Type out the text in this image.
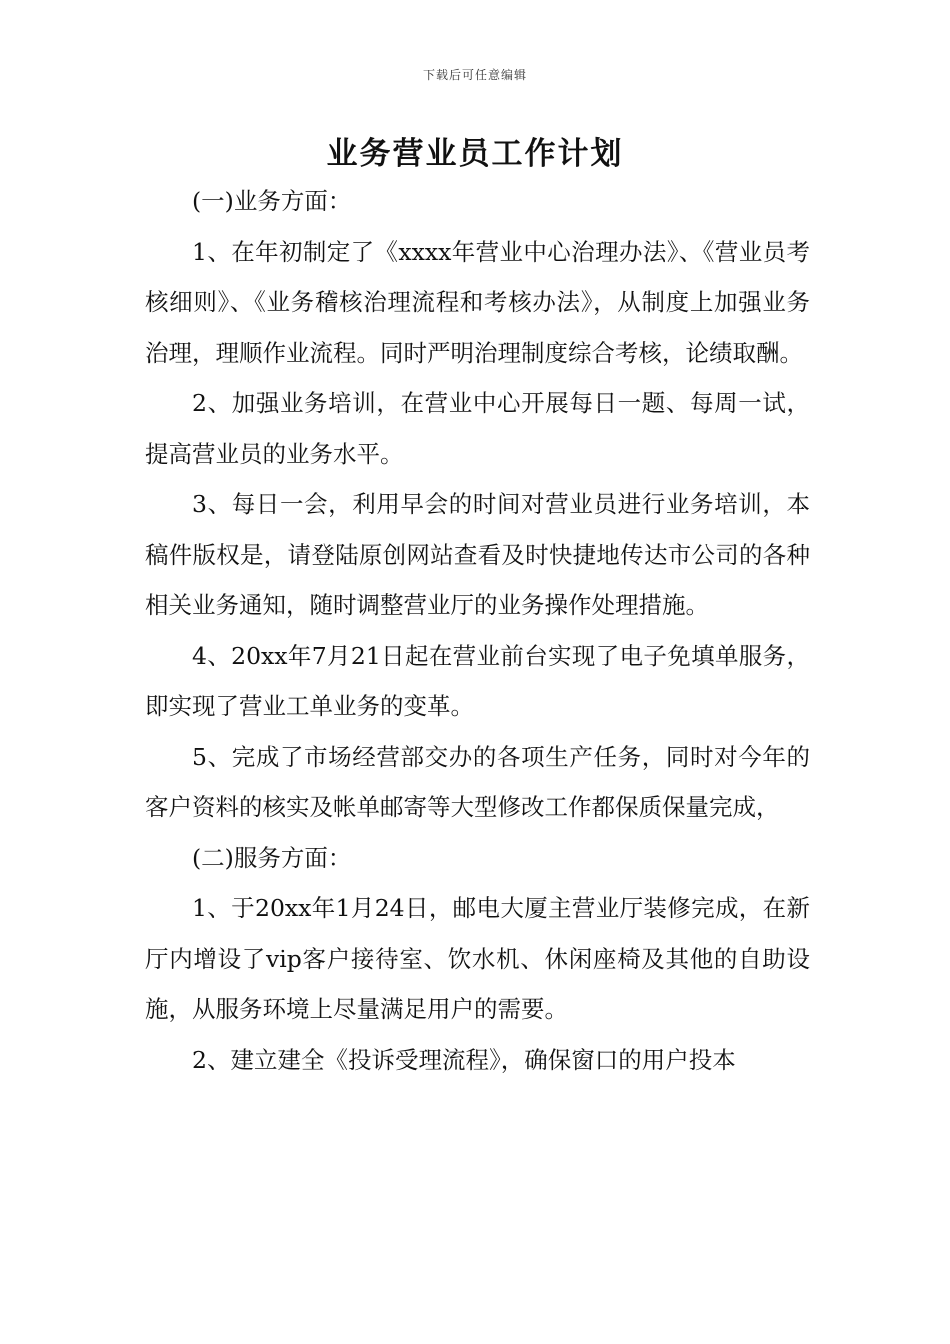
下载后可任意编辑
业务营业员工作计划

(一)业务方面：

1、在年初制定了《xxxx年营业中心治理办法》、《营业员考核细则》、《业务稽核治理流程和考核办法》，从制度上加强业务治理，理顺作业流程。同时严明治理制度综合考核，论绩取酬。

2、加强业务培训，在营业中心开展每日一题、每周一试，提高营业员的业务水平。

3、每日一会，利用早会的时间对营业员进行业务培训，本稿件版权是，请登陆原创网站查看及时快捷地传达市公司的各种相关业务通知，随时调整营业厅的业务操作处理措施。

4、20xx年7月21日起在营业前台实现了电子免填单服务，即实现了营业工单业务的变革。

5、完成了市场经营部交办的各项生产任务，同时对今年的客户资料的核实及帐单邮寄等大型修改工作都保质保量完成，

(二)服务方面：

1、于20xx年1月24日，邮电大厦主营业厅装修完成，在新厅内增设了vip客户接待室、饮水机、休闲座椅及其他的自助设施，从服务环境上尽量满足用户的需要。

2、建立建全《投诉受理流程》，确保窗口的用户投本
